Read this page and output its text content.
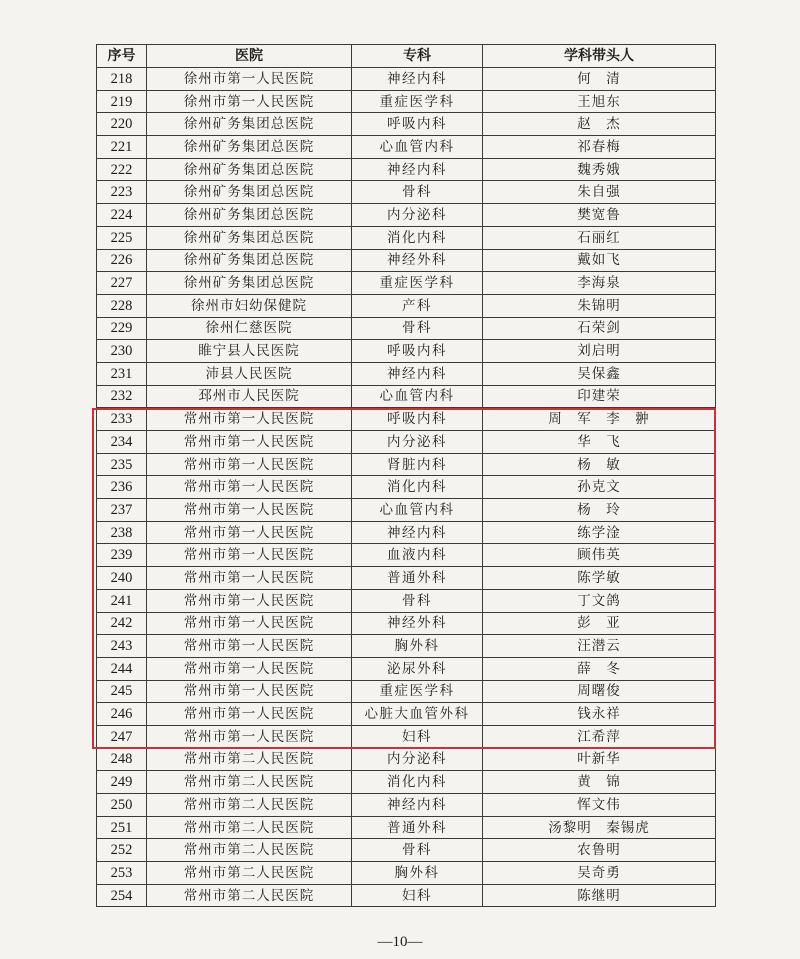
序号	医院	专科	学科带头人
218	徐州市第一人民医院	神经内科	何　清
219	徐州市第一人民医院	重症医学科	王旭东
220	徐州矿务集团总医院	呼吸内科	赵　杰
221	徐州矿务集团总医院	心血管内科	祁春梅
222	徐州矿务集团总医院	神经内科	魏秀娥
223	徐州矿务集团总医院	骨科	朱自强
224	徐州矿务集团总医院	内分泌科	樊宽鲁
225	徐州矿务集团总医院	消化内科	石丽红
226	徐州矿务集团总医院	神经外科	戴如飞
227	徐州矿务集团总医院	重症医学科	李海泉
228	徐州市妇幼保健院	产科	朱锦明
229	徐州仁慈医院	骨科	石荣剑
230	睢宁县人民医院	呼吸内科	刘启明
231	沛县人民医院	神经内科	吴保鑫
232	邳州市人民医院	心血管内科	印建荣
233	常州市第一人民医院	呼吸内科	周　军　李　翀
234	常州市第一人民医院	内分泌科	华　飞
235	常州市第一人民医院	肾脏内科	杨　敏
236	常州市第一人民医院	消化内科	孙克文
237	常州市第一人民医院	心血管内科	杨　玲
238	常州市第一人民医院	神经内科	练学淦
239	常州市第一人民医院	血液内科	顾伟英
240	常州市第一人民医院	普通外科	陈学敏
241	常州市第一人民医院	骨科	丁文鸽
242	常州市第一人民医院	神经外科	彭　亚
243	常州市第一人民医院	胸外科	汪潜云
244	常州市第一人民医院	泌尿外科	薛　冬
245	常州市第一人民医院	重症医学科	周曙俊
246	常州市第一人民医院	心脏大血管外科	钱永祥
247	常州市第一人民医院	妇科	江希萍
248	常州市第二人民医院	内分泌科	叶新华
249	常州市第二人民医院	消化内科	黄　锦
250	常州市第二人民医院	神经内科	恽文伟
251	常州市第二人民医院	普通外科	汤黎明　秦锡虎
252	常州市第二人民医院	骨科	农鲁明
253	常州市第二人民医院	胸外科	吴奇勇
254	常州市第二人民医院	妇科	陈继明
—10—
